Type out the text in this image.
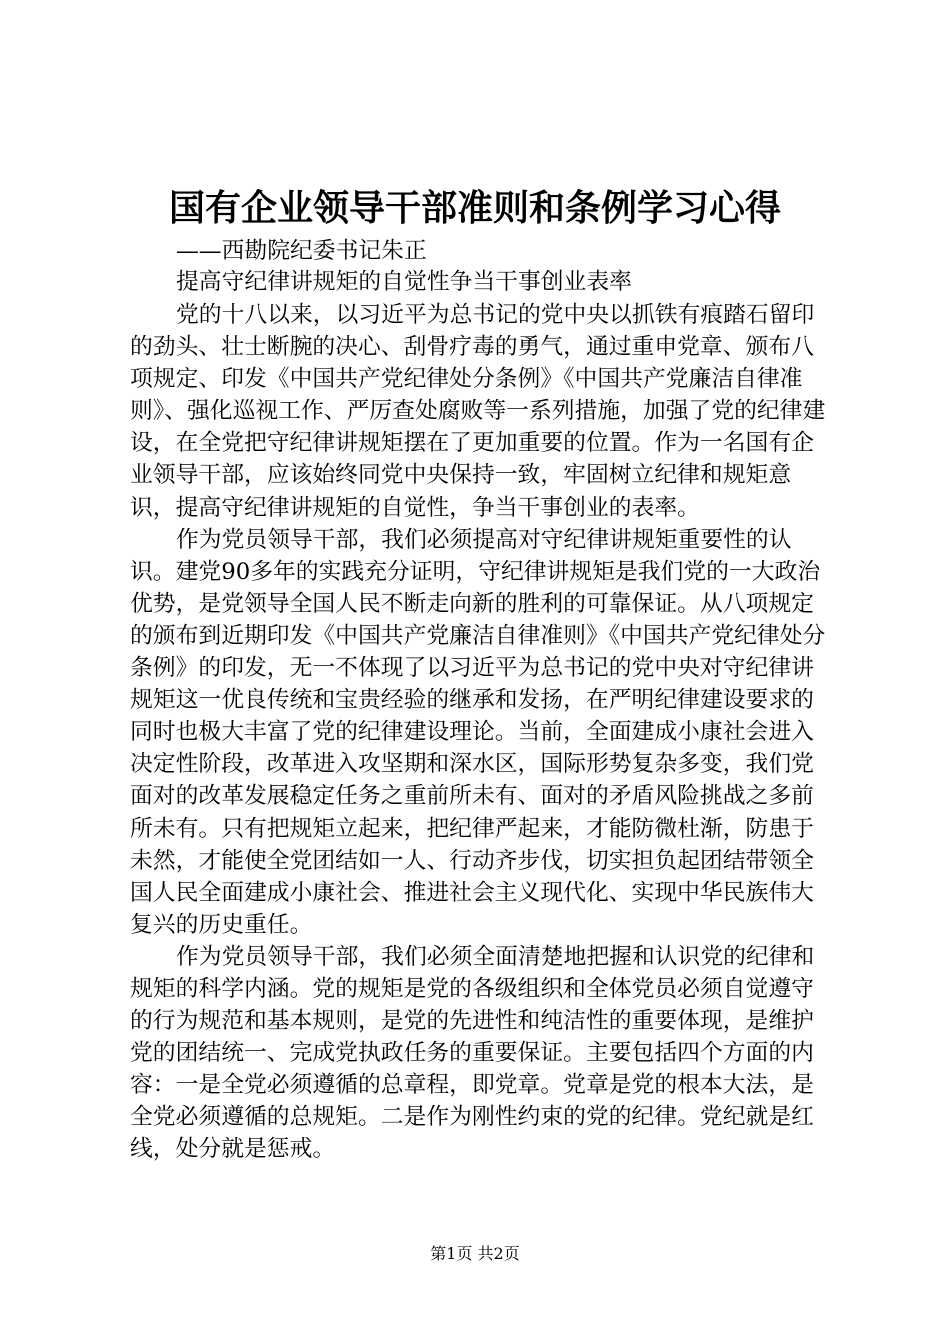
国有企业领导干部准则和条例学习心得

——西勘院纪委书记朱正

提高守纪律讲规矩的自觉性争当干事创业表率

党的十八以来，以习近平为总书记的党中央以抓铁有痕踏石留印的劲头、壮士断腕的决心、刮骨疗毒的勇气，通过重申党章、颁布八项规定、印发《中国共产党纪律处分条例》《中国共产党廉洁自律准则》、强化巡视工作、严厉查处腐败等一系列措施，加强了党的纪律建设，在全党把守纪律讲规矩摆在了更加重要的位置。作为一名国有企业领导干部，应该始终同党中央保持一致，牢固树立纪律和规矩意识，提高守纪律讲规矩的自觉性，争当干事创业的表率。

作为党员领导干部，我们必须提高对守纪律讲规矩重要性的认识。建党90多年的实践充分证明，守纪律讲规矩是我们党的一大政治优势，是党领导全国人民不断走向新的胜利的可靠保证。从八项规定的颁布到近期印发《中国共产党廉洁自律准则》《中国共产党纪律处分条例》的印发，无一不体现了以习近平为总书记的党中央对守纪律讲规矩这一优良传统和宝贵经验的继承和发扬，在严明纪律建设要求的同时也极大丰富了党的纪律建设理论。当前，全面建成小康社会进入决定性阶段，改革进入攻坚期和深水区，国际形势复杂多变，我们党面对的改革发展稳定任务之重前所未有、面对的矛盾风险挑战之多前所未有。只有把规矩立起来，把纪律严起来，才能防微杜渐，防患于未然，才能使全党团结如一人、行动齐步伐，切实担负起团结带领全国人民全面建成小康社会、推进社会主义现代化、实现中华民族伟大复兴的历史重任。

作为党员领导干部，我们必须全面清楚地把握和认识党的纪律和规矩的科学内涵。党的规矩是党的各级组织和全体党员必须自觉遵守的行为规范和基本规则，是党的先进性和纯洁性的重要体现，是维护党的团结统一、完成党执政任务的重要保证。主要包括四个方面的内容：一是全党必须遵循的总章程，即党章。党章是党的根本大法，是全党必须遵循的总规矩。二是作为刚性约束的党的纪律。党纪就是红线，处分就是惩戒。

第1页 共2页
